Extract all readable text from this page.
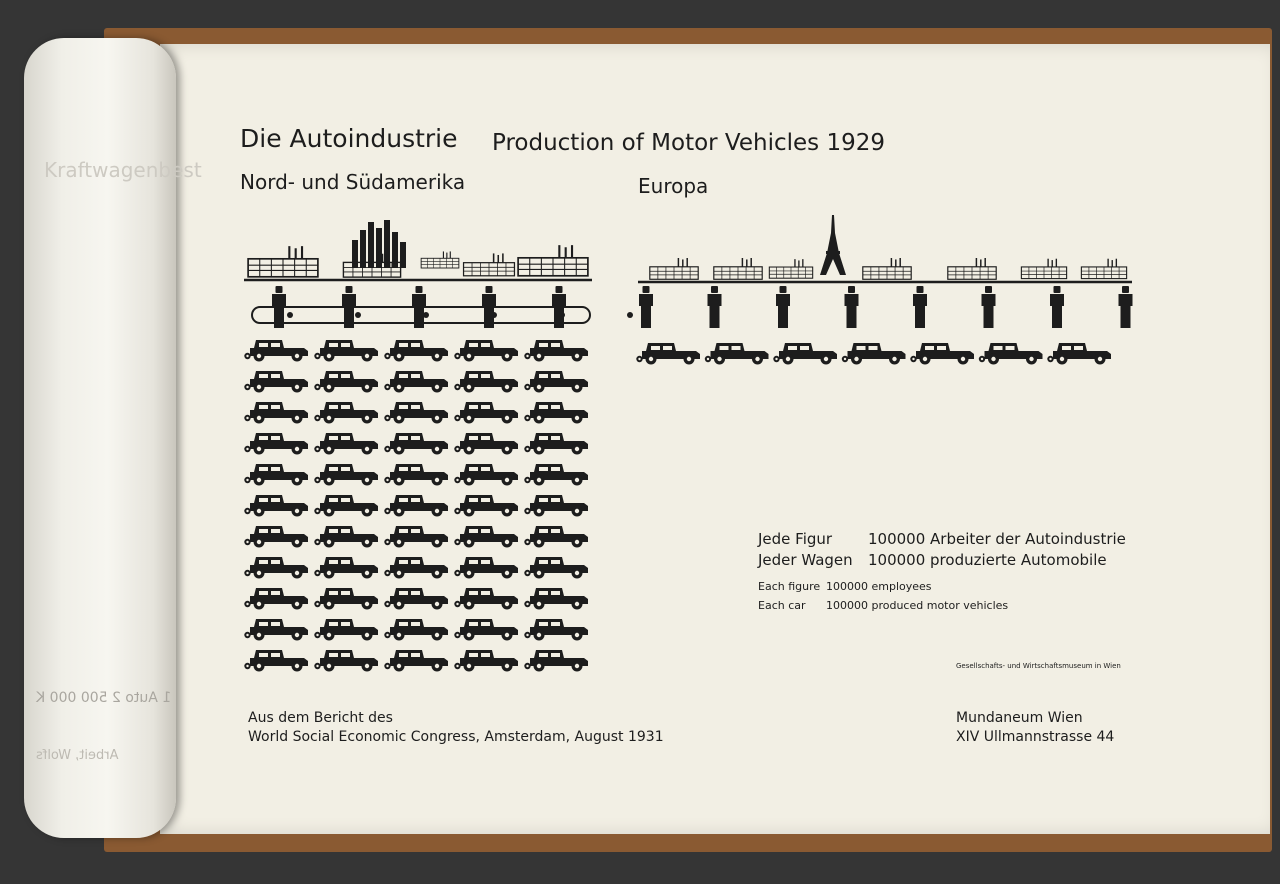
Kraftwagenbest
1 Auto 2 500 000 K
Arbeit, Wolfs
Die Autoindustrie Production of Motor Vehicles 1929
Nord- und Südamerika	Europa
Jede Figur 100000 Arbeiter der Autoindustrie
Jeder Wagen 100000 produzierte Automobile
Each figure 100000 employees
Each car 100000 produced motor vehicles
Gesellschafts- und Wirtschaftsmuseum in Wien
Aus dem Bericht des
World Social Economic Congress, Amsterdam, August 1931
Mundaneum Wien
XIV Ullmannstrasse 44
